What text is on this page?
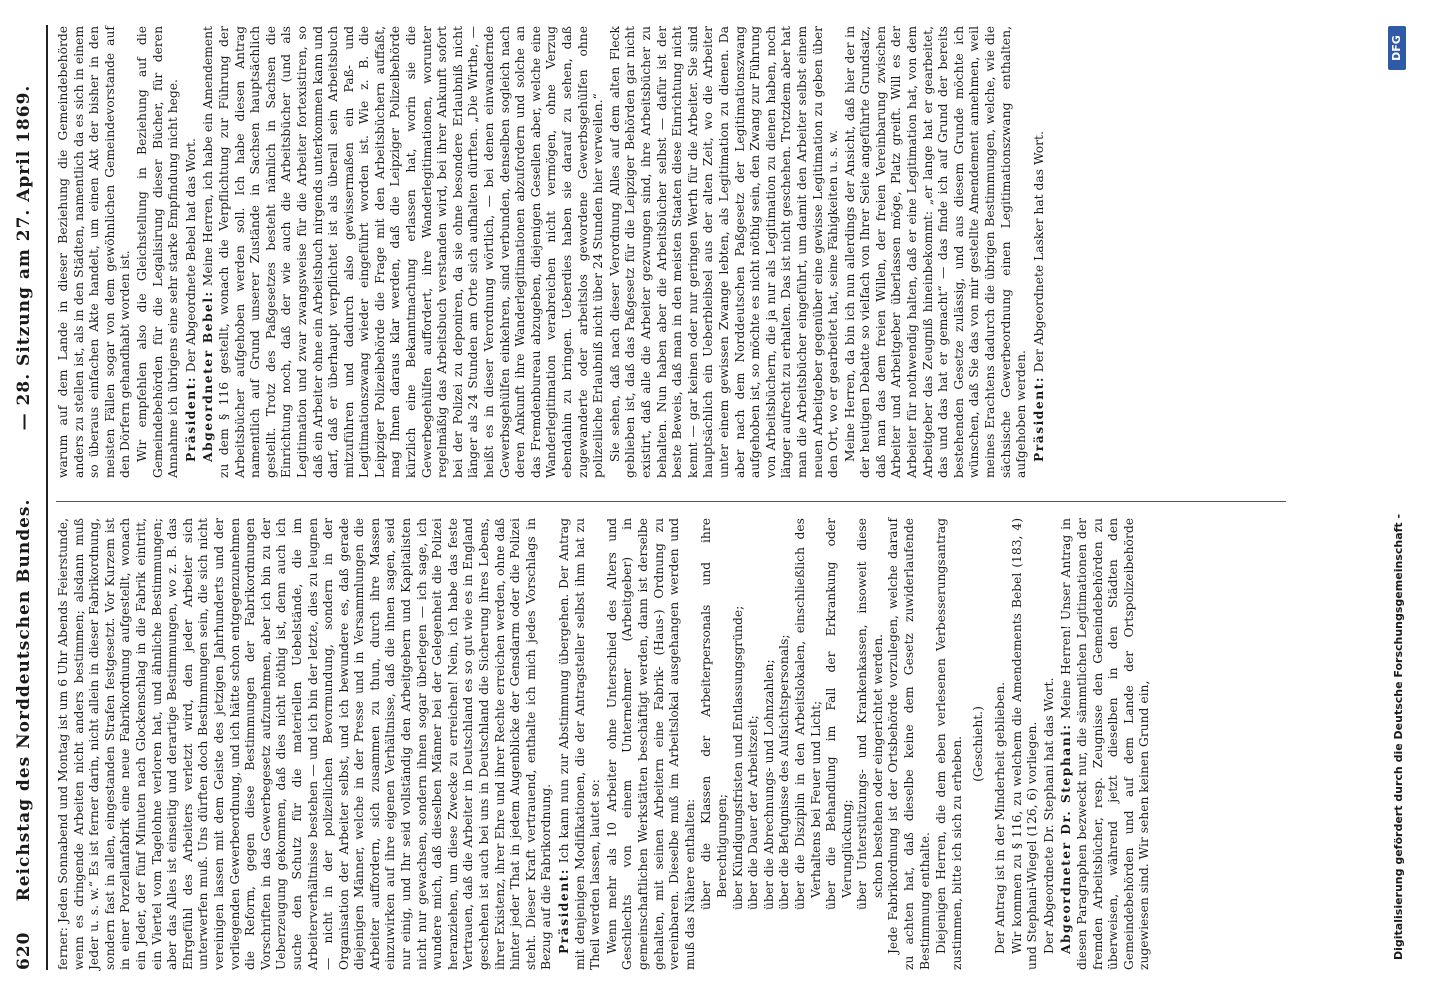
620
Reichstag des Norddeutschen Bundes.
— 28. Sitzung am 27. April 1869.

ferner: Jeden Sonnabend und Montag ist um 6 Uhr Abends Feierstunde, wenn es dringende Arbeiten nicht anders bestimmen; alsdann muß Jeder u. s. w.“ Es ist ferner darin, nicht allein in dieser Fabrikordnung, sondern fast in allen, eingestanden Strafen festgesetzt. Vor Kurzem ist in einer Porzellanfabrik eine neue Fabrikordnung aufgestellt, wonach ein Jeder, der fünf Minuten nach Glockenschlag in die Fabrik eintritt, ein Viertel vom Tagelohne verloren hat, und ähnliche Bestimmungen; aber das Alles ist einseitig und derartige Bestimmungen, wo z. B. das Ehrgefühl des Arbeiters verletzt wird, den jeder Arbeiter sich unterwerfen muß. Uns dürften doch Bestimmungen sein, die sich nicht vereinigen lassen mit dem Geiste des jetzigen Jahrhunderts und der vorliegenden Gewerbeordnung, und ich hätte schon entgegenzunehmen die Reform, gegen diese Bestimmungen der Fabrikordnungen Vorschriften in das Gewerbegesetz aufzunehmen, aber ich bin zu der Ueberzeugung gekommen, daß dies nicht nöthig ist, denn auch ich suche den Schutz für die materiellen Uebelstände, die im Arbeiterverhältnisse bestehen — und ich bin der letzte, dies zu leugnen — nicht in der polizeilichen Bevormundung, sondern in der Organisation der Arbeiter selbst, und ich bewundere es, daß gerade diejenigen Männer, welche in der Presse und in Versammlungen die Arbeiter auffordern, sich zusammen zu thun, durch ihre Massen einzuwirken auf ihre eigenen Verhältnisse, daß die ihnen sagen, seid nur einig, und Ihr seid vollständig den Arbeitgebern und Kapitalisten nicht nur gewachsen, sondern ihnen sogar überlegen — ich sage, ich wundere mich, daß dieselben Männer bei der Gelegenheit die Polizei heranziehen, um diese Zwecke zu erreichen! Nein, ich habe das feste Vertrauen, daß die Arbeiter in Deutschland es so gut wie es in England geschehen ist auch bei uns in Deutschland die Sicherung ihres Lebens, ihrer Existenz, ihrer Ehre und ihrer Rechte erreichen werden, ohne daß hinter jeder That in jedem Augenblicke der Gensdarm oder die Polizei steht. Dieser Kraft vertrauend, enthalte ich mich jedes Vorschlags in Bezug auf die Fabrikordnung. Präsident: Ich kann nun zur Abstimmung übergehen. Der Antrag mit denjenigen Modifikationen, die der Antragsteller selbst ihm hat zu Theil werden lassen, lautet so: Wenn mehr als 10 Arbeiter ohne Unterschied des Alters und Geschlechts von einem Unternehmer (Arbeitgeber) in gemeinschaftlichen Werkstätten beschäftigt werden, dann ist derselbe gehalten, mit seinen Arbeitern eine Fabrik- (Haus-) Ordnung zu vereinbaren. Dieselbe muß im Arbeitslokal ausgehangen werden und muß das Nähere enthalten: über die Klassen der Arbeiterpersonals und ihre Berechtigungen; über Kündigungsfristen und Entlassungsgründe; über die Dauer der Arbeitszeit; über die Abrechnungs- und Lohnzahlen; über die Befugnisse des Aufsichtspersonals; über die Disziplin in den Arbeitslokalen, einschließlich des Verhaltens bei Feuer und Licht; über die Behandlung im Fall der Erkrankung oder Verunglückung; über Unterstützungs- und Krankenkassen, insoweit diese schon bestehen oder eingerichtet werden. Jede Fabrikordnung ist der Ortsbehörde vorzulegen, welche darauf zu achten hat, daß dieselbe keine dem Gesetz zuwiderlaufende Bestimmung enthalte. Diejenigen Herren, die dem eben verlesenen Verbesserungsantrag zustimmen, bitte ich sich zu erheben. (Geschieht.) Der Antrag ist in der Minderheit geblieben. Wir kommen zu § 116, zu welchem die Amendements Bebel (183, 4) und Stephani-Wiegel (126, 6) vorliegen. Der Abgeordnete Dr. Stephani hat das Wort. Abgeordneter Dr. Stephani: Meine Herren! Unser Antrag in diesen Paragraphen bezweckt nur, die sämmtlichen Legitimationen der fremden Arbeitsbücher, resp. Zeugnisse den Gemeindebehörden zu überweisen, während jetzt dieselben in den Städten den Gemeindebehörden und auf dem Lande der Ortspolizeibehörde zugewiesen sind. Wir sehen keinen Grund ein,

warum auf dem Lande in dieser Beziehung die Gemeindebehörde anders zu stellen ist, als in den Städten, namentlich da es sich in einem so überaus einfachen Akte handelt, um einen Akt der bisher in den meisten Fällen sogar von dem gewöhnlichen Gemeindevorstande auf den Dörfern gehandhabt worden ist. Wir empfehlen also die Gleichstellung in Beziehung auf die Gemeindebehörden für die Legalisirung dieser Bücher, für deren Annahme ich übrigens eine sehr starke Empfindung nicht hege. Präsident: Der Abgeordnete Bebel hat das Wort.

Abgeordneter Bebel: Meine Herren, ich habe ein Amendement zu dem § 116 gestellt, wonach die Verpflichtung zur Führung der Arbeitsbücher aufgehoben werden soll. Ich habe diesen Antrag namentlich auf Grund unserer Zustände in Sachsen hauptsächlich gestellt. Trotz des Paßgesetzes besteht nämlich in Sachsen die Einrichtung noch, daß der wie auch die Arbeitsbücher (und als Legitimation und zwar zwangsweise für die Arbeiter fortexistiren, so daß ein Arbeiter ohne ein Arbeitsbuch nirgends unterkommen kann und darf, daß er überhaupt verpflichtet ist als überall sein Arbeitsbuch mitzuführen und dadurch also gewissermaßen ein Paß- und Legitimationszwang wieder eingeführt worden ist. Wie z. B. die Leipziger Polizeibehörde die Frage mit den Arbeitsbüchern auffaßt, mag Ihnen daraus klar werden, daß die Leipziger Polizeibehörde kürzlich eine Bekanntmachung erlassen hat, worin sie die Gewerbegehülfen auffordert, ihre Wanderlegitimationen, worunter regelmäßig das Arbeitsbuch verstanden wird, bei ihrer Ankunft sofort bei der Polizei zu deponiren, da sie ohne besondere Erlaubniß nicht länger als 24 Stunden am Orte sich aufhalten dürften. „Die Wirthe, — heißt es in dieser Verordnung wörtlich, — bei denen einwandernde Gewerbsgehülfen einkehren, sind verbunden, denselben sogleich nach deren Ankunft ihre Wanderlegitimationen abzufordern und solche an das Fremdenbureau abzugeben, diejenigen Gesellen aber, welche eine Wanderlegitimation verabreichen nicht vermögen, ohne Verzug ebendahin zu bringen. Ueberdies haben sie darauf zu sehen, daß zugewanderte oder arbeitslos gewordene Gewerbsgehülfen ohne polizeiliche Erlaubniß nicht über 24 Stunden hier verweilen.“ Sie sehen, daß nach dieser Verordnung Alles auf dem alten Fleck geblieben ist, daß das Paßgesetz für die Leipziger Behörden gar nicht existirt, daß alle die Arbeiter gezwungen sind, ihre Arbeitsbücher zu behalten. Nun haben aber die Arbeitsbücher selbst — dafür ist der beste Beweis, daß man in den meisten Staaten diese Einrichtung nicht kennt — gar keinen oder nur geringen Werth für die Arbeiter. Sie sind hauptsächlich ein Ueberbleibsel aus der alten Zeit, wo die Arbeiter unter einem gewissen Zwange lebten, als Legitimation zu dienen. Da aber nach dem Norddeutschen Paßgesetz der Legitimationszwang aufgehoben ist, so möchte es nicht nöthig sein, den Zwang zur Führung von Arbeitsbüchern, die ja nur als Legitimation zu dienen haben, noch länger aufrecht zu erhalten. Das ist nicht geschehen. Trotzdem aber hat man die Arbeitsbücher eingeführt, um damit den Arbeiter selbst einem neuen Arbeitgeber gegenüber eine gewisse Legitimation zu geben über den Ort, wo er gearbeitet hat, seine Fähigkeiten u. s. w. Meine Herren, da bin ich nun allerdings der Ansicht, daß hier der in der heutigen Debatte so vielfach von Ihrer Seite angeführte Grundsatz, daß man das dem freien Willen, der freien Vereinbarung zwischen Arbeiter und Arbeitgeber überlassen möge, Platz greift. Will es der Arbeiter für nothwendig halten, daß er eine Legitimation hat, von dem Arbeitgeber das Zeugniß hineinbekommt: „er lange hat er gearbeitet, das und das hat er gemacht“ — das finde ich auf Grund der bereits bestehenden Gesetze zulässig, und aus diesem Grunde möchte ich wünschen, daß Sie das von mir gestellte Amendement annehmen, weil meines Erachtens dadurch die übrigen Bestimmungen, welche, wie die sächsische Gewerbeordnung einen Legitimationszwang enthalten, aufgehoben werden. Präsident: Der Abgeordnete Lasker hat das Wort.

Digitalisierung gefördert durch die Deutsche Forschungsgemeinschaft -
DFG
